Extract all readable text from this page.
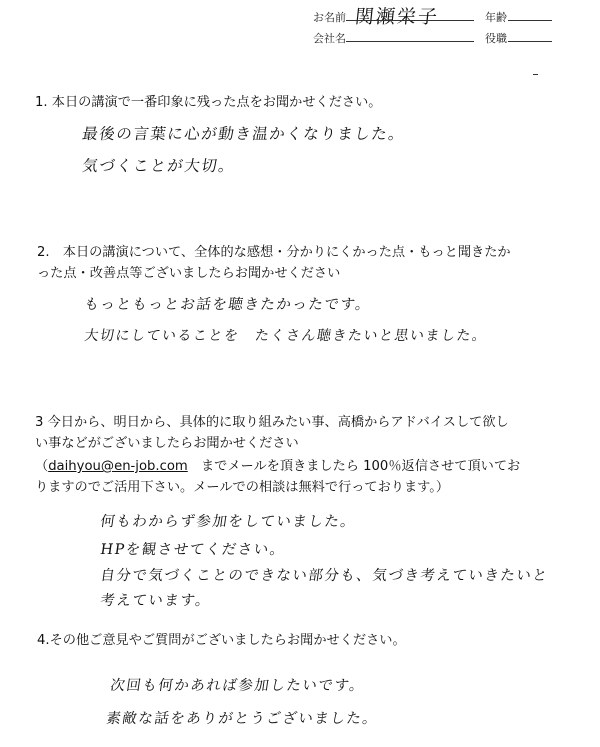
お名前 関瀬栄子	年齢
会社名	役職
1. 本日の講演で一番印象に残った点をお聞かせください。
最後の言葉に心が動き温かくなりました。
気づくことが大切。
2.　本日の講演について、全体的な感想・分かりにくかった点・もっと聞きたか
った点・改善点等ございましたらお聞かせください
もっともっとお話を聴きたかったです。
大切にしていることを　たくさん聴きたいと思いました。
3 今日から、明日から、具体的に取り組みたい事、高橋からアドバイスして欲し
い事などがございましたらお聞かせください
（daihyou@en-job.com　までメールを頂きましたら 100％返信させて頂いてお
りますのでご活用下さい。メールでの相談は無料で行っております。）
何もわからず参加をしていました。
HPを観させてください。
自分で気づくことのできない部分も、気づき考えていきたいと
考えています。
4.その他ご意見やご質問がございましたらお聞かせください。
次回も何かあれば参加したいです。
素敵な話をありがとうございました。
